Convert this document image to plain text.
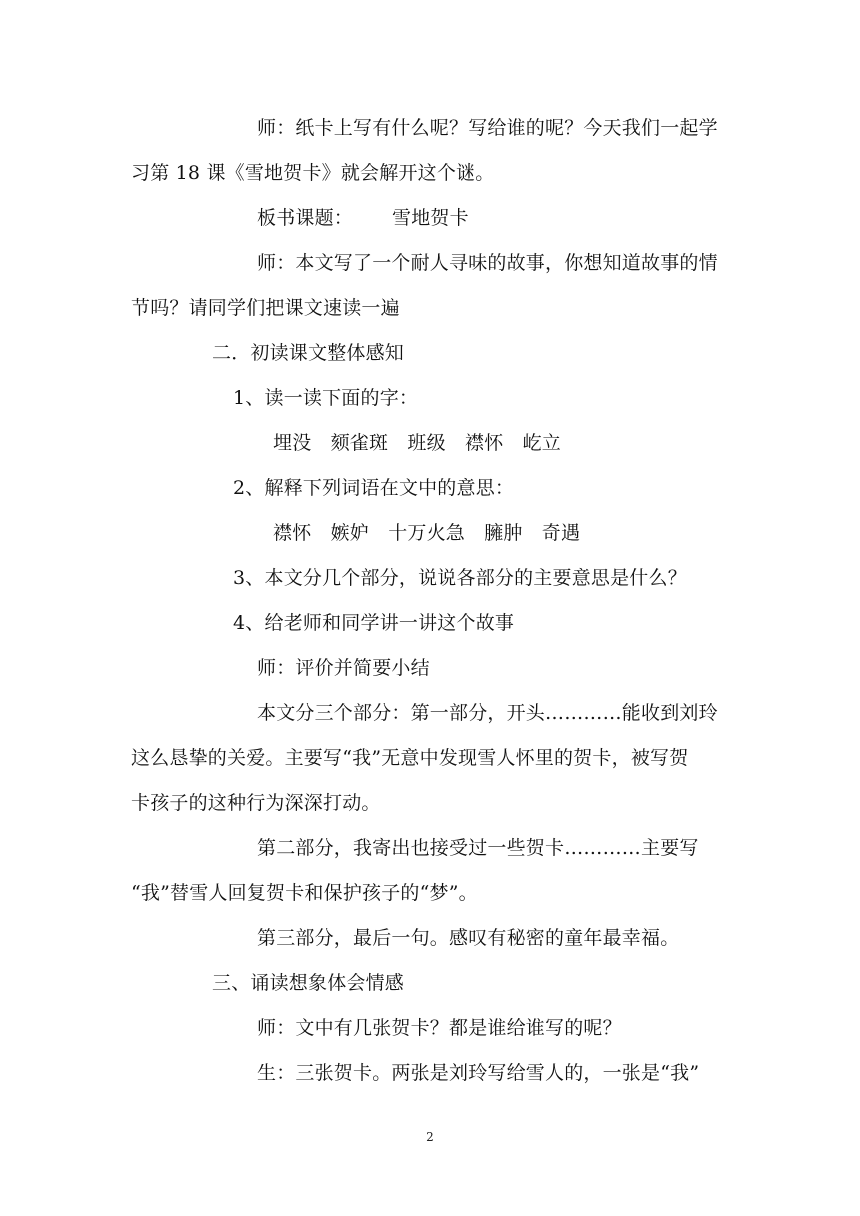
师：纸卡上写有什么呢？写给谁的呢？今天我们一起学
习第 18 课《雪地贺卡》就会解开这个谜。
板书课题： 雪地贺卡
师：本文写了一个耐人寻味的故事，你想知道故事的情
节吗？请同学们把课文速读一遍
二．初读课文整体感知
1、读一读下面的字：
埋没　颏雀斑　班级　襟怀　屹立
2、解释下列词语在文中的意思：
襟怀　嫉妒　十万火急　臃肿　奇遇
3、本文分几个部分，说说各部分的主要意思是什么？
4、给老师和同学讲一讲这个故事
师：评价并简要小结
本文分三个部分：第一部分，开头…………能收到刘玲
这么恳挚的关爱。主要写“我”无意中发现雪人怀里的贺卡，被写贺
卡孩子的这种行为深深打动。
第二部分，我寄出也接受过一些贺卡…………主要写
“我”替雪人回复贺卡和保护孩子的“梦”。
第三部分，最后一句。感叹有秘密的童年最幸福。
三、诵读想象体会情感
师：文中有几张贺卡？都是谁给谁写的呢？
生：三张贺卡。两张是刘玲写给雪人的，一张是“我”
2
